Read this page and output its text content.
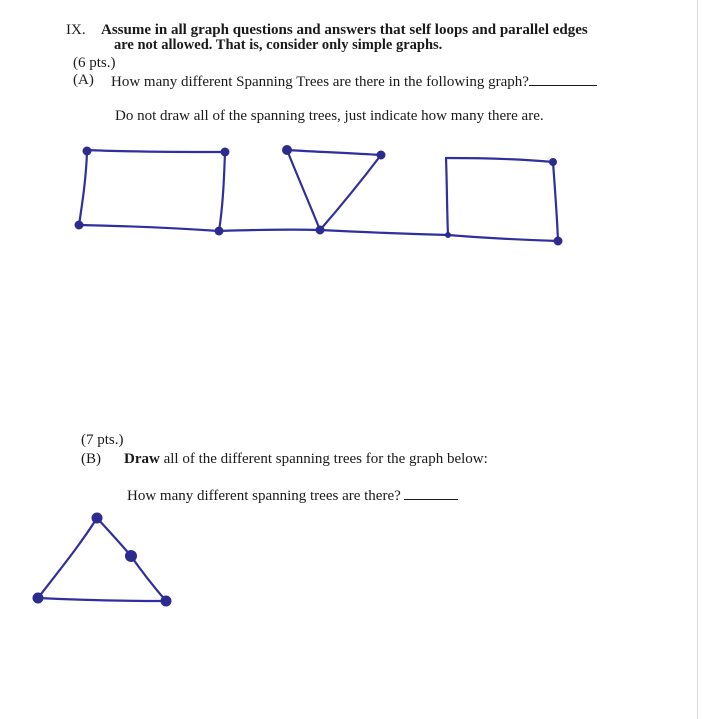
IX. Assume in all graph questions and answers that self loops and parallel edges
are not allowed. That is, consider only simple graphs.
(6 pts.)
(A) How many different Spanning Trees are there in the following graph?
Do not draw all of the spanning trees, just indicate how many there are.
(7 pts.)
(B) Draw all of the different spanning trees for the graph below:
How many different spanning trees are there?
